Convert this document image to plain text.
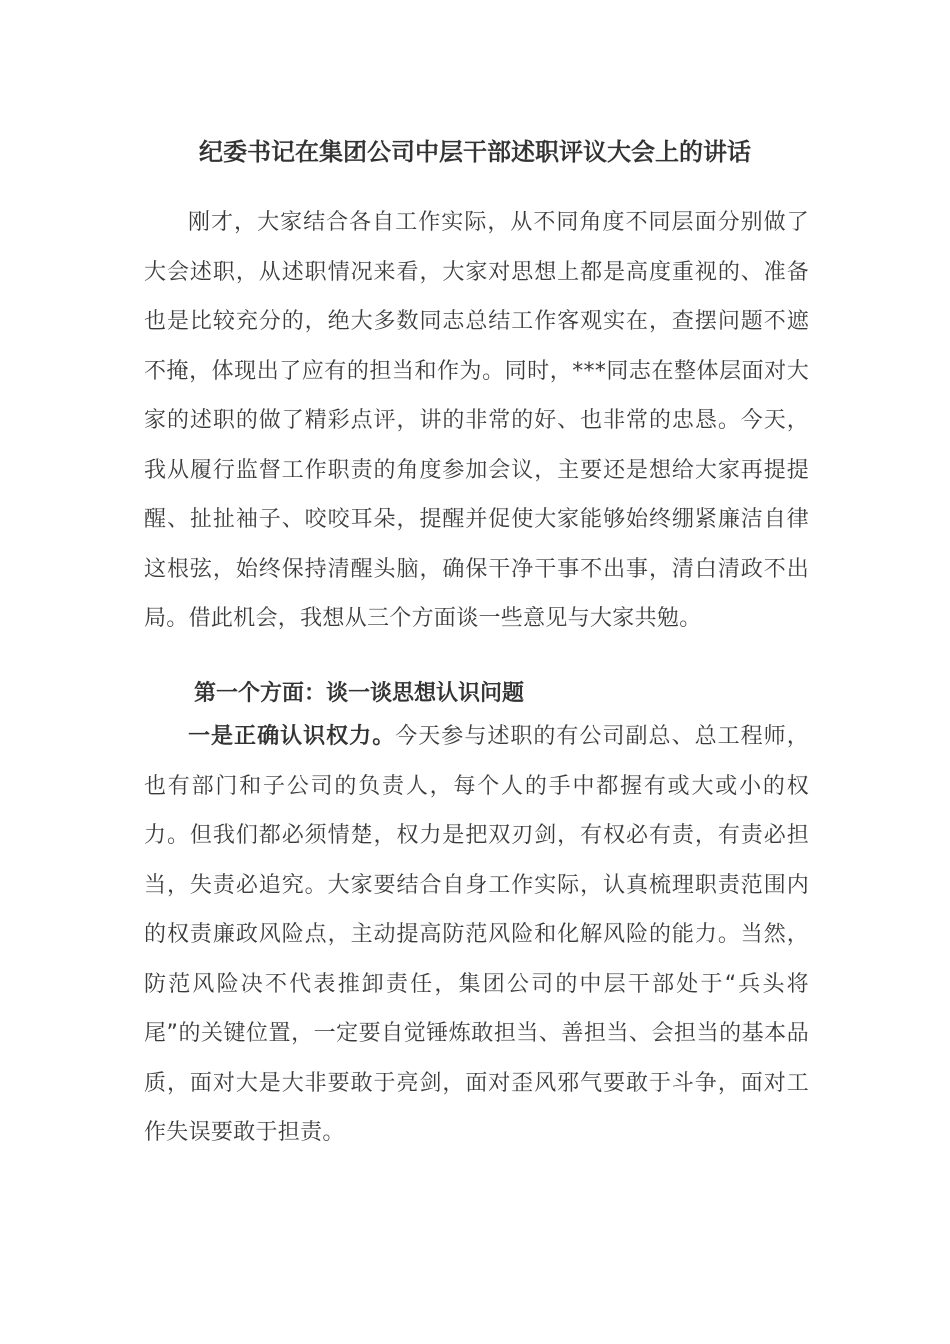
纪委书记在集团公司中层干部述职评议大会上的讲话

刚才，大家结合各自工作实际，从不同角度不同层面分别做了大会述职，从述职情况来看，大家对思想上都是高度重视的、准备也是比较充分的，绝大多数同志总结工作客观实在，查摆问题不遮不掩，体现出了应有的担当和作为。同时，***同志在整体层面对大家的述职的做了精彩点评，讲的非常的好、也非常的忠恳。今天，我从履行监督工作职责的角度参加会议，主要还是想给大家再提提醒、扯扯袖子、咬咬耳朵，提醒并促使大家能够始终绷紧廉洁自律这根弦，始终保持清醒头脑，确保干净干事不出事，清白清政不出局。借此机会，我想从三个方面谈一些意见与大家共勉。

第一个方面：谈一谈思想认识问题

一是正确认识权力。今天参与述职的有公司副总、总工程师，也有部门和子公司的负责人，每个人的手中都握有或大或小的权力。但我们都必须情楚，权力是把双刃剑，有权必有责，有责必担当，失责必追究。大家要结合自身工作实际，认真梳理职责范围内的权责廉政风险点，主动提高防范风险和化解风险的能力。当然，防范风险决不代表推卸责任，集团公司的中层干部处于“兵头将尾”的关键位置，一定要自觉锤炼敢担当、善担当、会担当的基本品质，面对大是大非要敢于亮剑，面对歪风邪气要敢于斗争，面对工作失误要敢于担责。
